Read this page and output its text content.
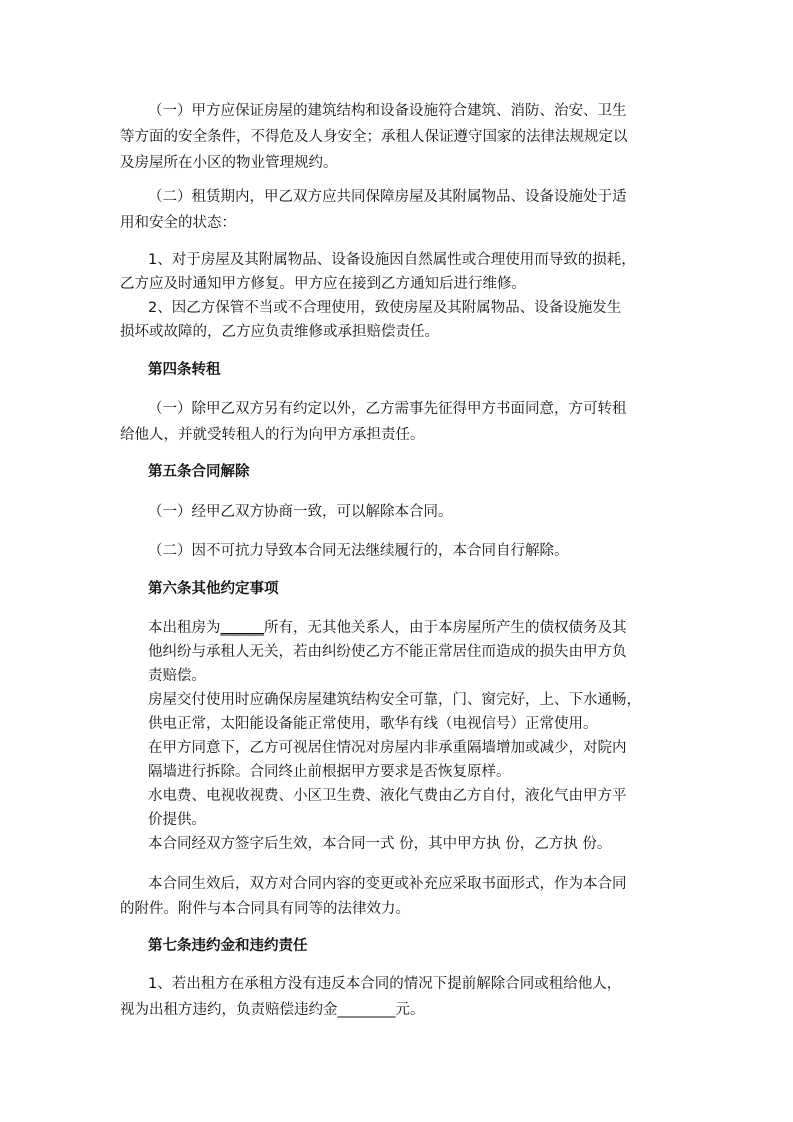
（一）甲方应保证房屋的建筑结构和设备设施符合建筑、消防、治安、卫生
等方面的安全条件，不得危及人身安全；承租人保证遵守国家的法律法规规定以
及房屋所在小区的物业管理规约。
（二）租赁期内，甲乙双方应共同保障房屋及其附属物品、设备设施处于适
用和安全的状态：
1、对于房屋及其附属物品、设备设施因自然属性或合理使用而导致的损耗，
乙方应及时通知甲方修复。甲方应在接到乙方通知后进行维修。
2、因乙方保管不当或不合理使用，致使房屋及其附属物品、设备设施发生
损坏或故障的，乙方应负责维修或承担赔偿责任。
第四条转租
（一）除甲乙双方另有约定以外，乙方需事先征得甲方书面同意，方可转租
给他人，并就受转租人的行为向甲方承担责任。
第五条合同解除
（一）经甲乙双方协商一致，可以解除本合同。
（二）因不可抗力导致本合同无法继续履行的，本合同自行解除。
第六条其他约定事项
本出租房为______所有，无其他关系人，由于本房屋所产生的债权债务及其
他纠纷与承租人无关，若由纠纷使乙方不能正常居住而造成的损失由甲方负
责赔偿。
房屋交付使用时应确保房屋建筑结构安全可靠，门、窗完好，上、下水通畅，
供电正常，太阳能设备能正常使用，歌华有线（电视信号）正常使用。
在甲方同意下，乙方可视居住情况对房屋内非承重隔墙增加或减少，对院内
隔墙进行拆除。合同终止前根据甲方要求是否恢复原样。
水电费、电视收视费、小区卫生费、液化气费由乙方自付，液化气由甲方平
价提供。
本合同经双方签字后生效，本合同一式 份，其中甲方执 份，乙方执 份。
本合同生效后，双方对合同内容的变更或补充应采取书面形式，作为本合同
的附件。附件与本合同具有同等的法律效力。
第七条违约金和违约责任
1、若出租方在承租方没有违反本合同的情况下提前解除合同或租给他人，
视为出租方违约，负责赔偿违约金________元。
